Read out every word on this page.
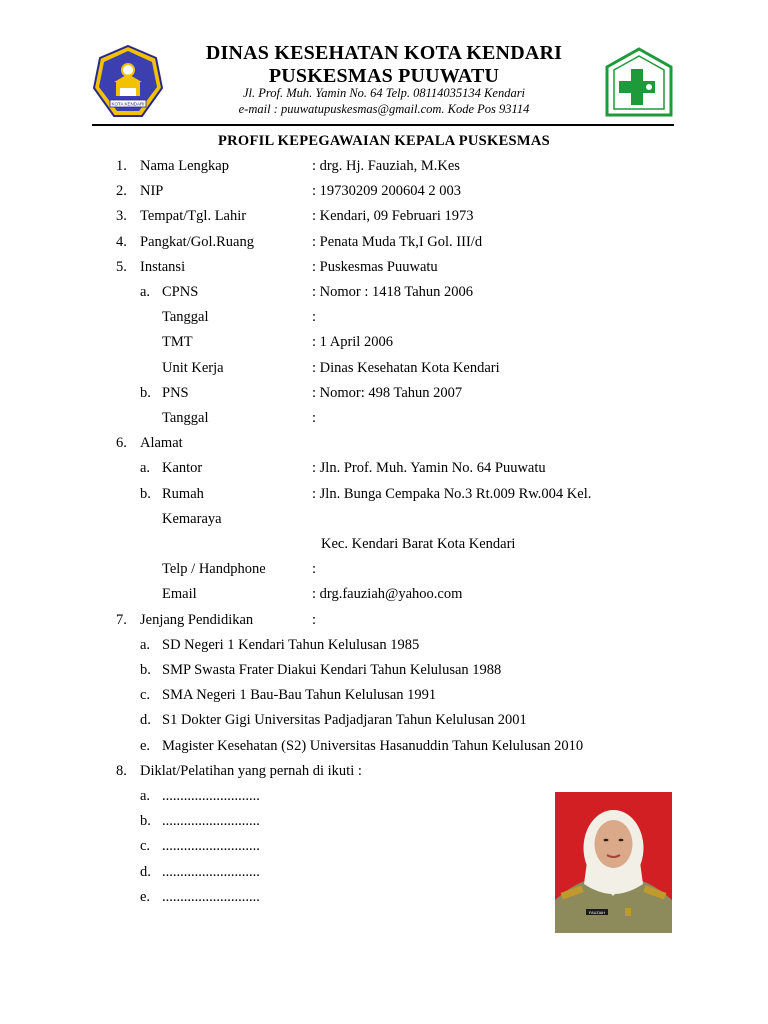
KOTA KENDARI
DINAS KESEHATAN KOTA KENDARI
PUSKESMAS PUUWATU
Jl. Prof. Muh. Yamin No. 64 Telp. 08114035134 Kendari
e-mail : puuwatupuskesmas@gmail.com. Kode Pos 93114
PROFIL KEPEGAWAIAN KEPALA PUSKESMAS
1. Nama Lengkap	: drg. Hj. Fauziah, M.Kes
2. NIP	: 19730209 200604 2 003
3. Tempat/Tgl. Lahir	: Kendari, 09 Februari 1973
4. Pangkat/Gol.Ruang	: Penata Muda Tk,I Gol. III/d
5. Instansi	: Puskesmas Puuwatu
a. CPNS	: Nomor : 1418 Tahun 2006
Tanggal	:
TMT	: 1 April 2006
Unit Kerja	: Dinas Kesehatan Kota Kendari
b. PNS	: Nomor: 498 Tahun 2007
Tanggal	:
6. Alamat
a. Kantor	: Jln. Prof. Muh. Yamin No. 64 Puuwatu
b. Rumah	: Jln. Bunga Cempaka No.3 Rt.009 Rw.004 Kel.
Kemaraya
Kec. Kendari Barat Kota Kendari
Telp / Handphone	:
Email	: drg.fauziah@yahoo.com
7. Jenjang Pendidikan	:
a. SD Negeri 1 Kendari Tahun Kelulusan 1985
b. SMP Swasta Frater Diakui Kendari Tahun Kelulusan 1988
c. SMA Negeri 1 Bau-Bau Tahun Kelulusan 1991
d. S1 Dokter Gigi Universitas Padjadjaran Tahun Kelulusan 2001
e. Magister Kesehatan (S2) Universitas Hasanuddin Tahun Kelulusan 2010
8. Diklat/Pelatihan yang pernah di ikuti :
a. ...........................
b. ...........................
c. ...........................
d. ...........................
e. ...........................
FAUZIAH
